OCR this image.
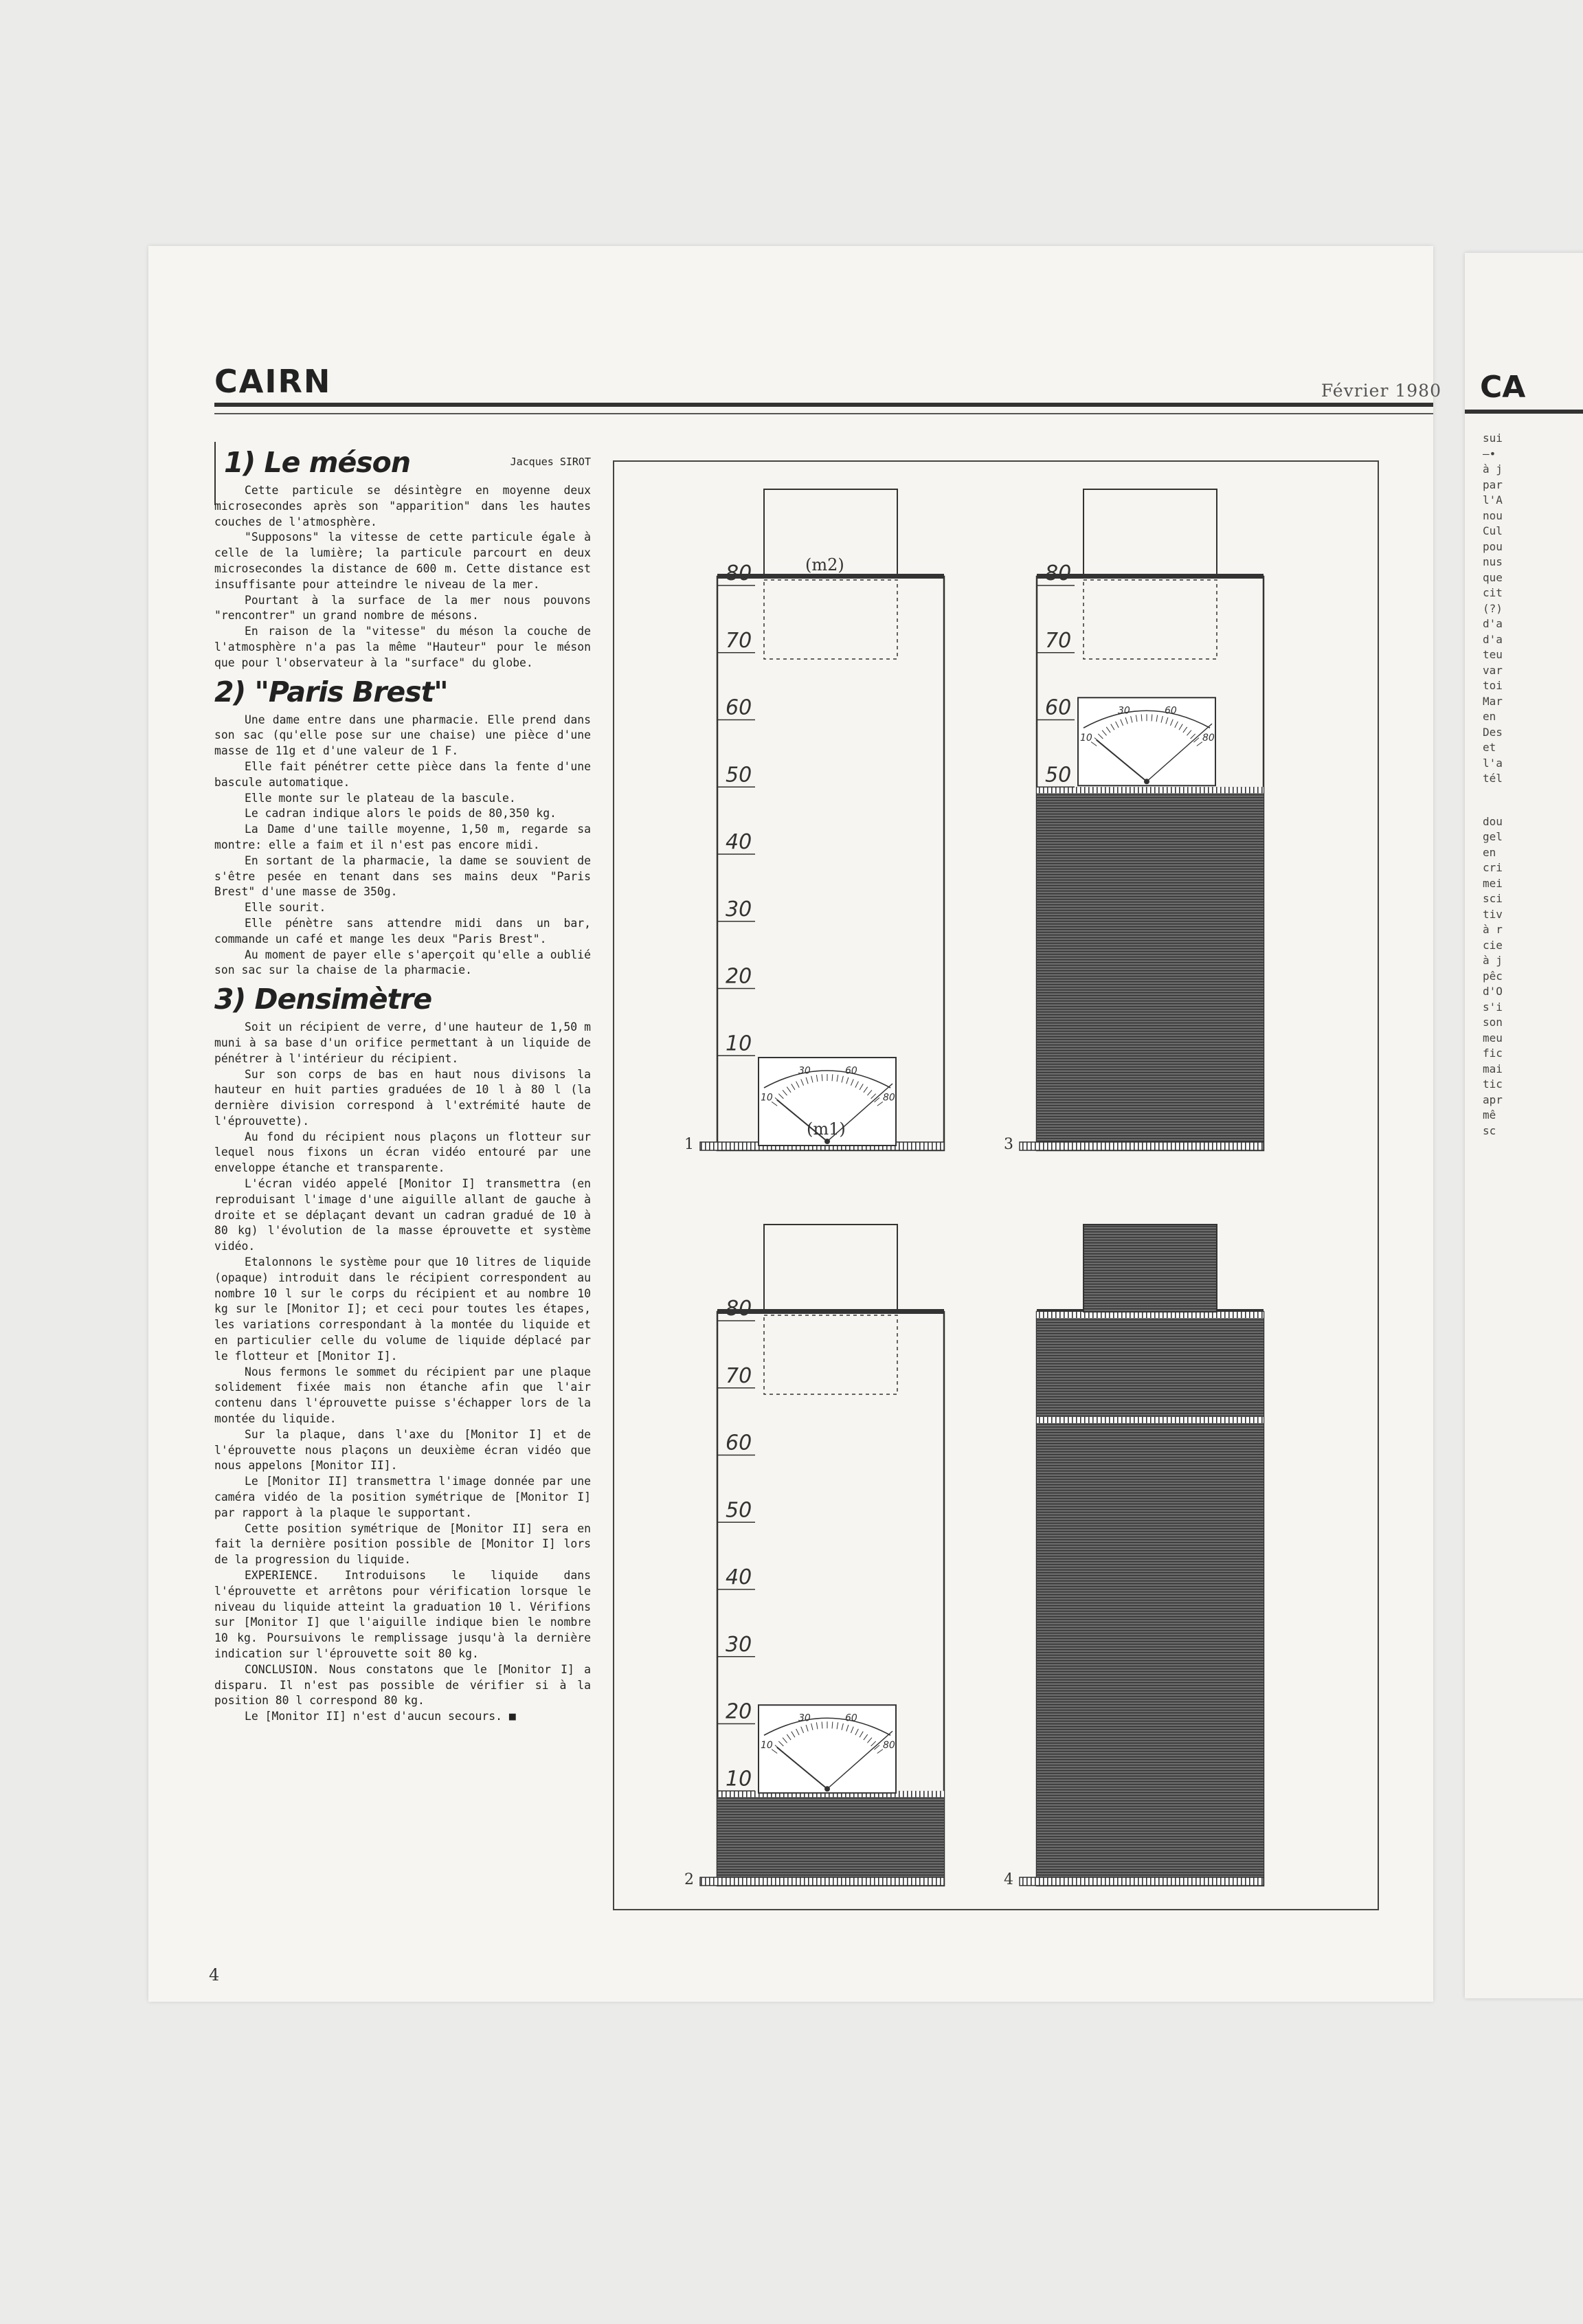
CAIRN	Février 1980
1) Le méson	Jacques SIROT

Cette particule se désintègre en moyenne deux microsecondes après son "apparition" dans les hautes couches de l'atmosphère.

"Supposons" la vitesse de cette particule égale à celle de la lumière; la particule parcourt en deux microsecondes la distance de 600 m. Cette distance est insuffisante pour atteindre le niveau de la mer.

Pourtant à la surface de la mer nous pouvons "rencontrer" un grand nombre de mésons.

En raison de la "vitesse" du méson la couche de l'atmosphère n'a pas la même "Hauteur" pour le méson que pour l'observateur à la "surface" du globe.

2) "Paris Brest"

Une dame entre dans une pharmacie. Elle prend dans son sac (qu'elle pose sur une chaise) une pièce d'une masse de 11g et d'une valeur de 1 F.

Elle fait pénétrer cette pièce dans la fente d'une bascule automatique.

Elle monte sur le plateau de la bascule.

Le cadran indique alors le poids de 80,350 kg.

La Dame d'une taille moyenne, 1,50 m, regarde sa montre: elle a faim et il n'est pas encore midi.

En sortant de la pharmacie, la dame se souvient de s'être pesée en tenant dans ses mains deux "Paris Brest" d'une masse de 350g.

Elle sourit.

Elle pénètre sans attendre midi dans un bar, commande un café et mange les deux "Paris Brest".

Au moment de payer elle s'aperçoit qu'elle a oublié son sac sur la chaise de la pharmacie.

3) Densimètre

Soit un récipient de verre, d'une hauteur de 1,50 m muni à sa base d'un orifice permettant à un liquide de pénétrer à l'intérieur du récipient.

Sur son corps de bas en haut nous divisons la hauteur en huit parties graduées de 10 l à 80 l (la dernière division correspond à l'extrémité haute de l'éprouvette).

Au fond du récipient nous plaçons un flotteur sur lequel nous fixons un écran vidéo entouré par une enveloppe étanche et transparente.

L'écran vidéo appelé [Monitor I] transmettra (en reproduisant l'image d'une aiguille allant de gauche à droite et se déplaçant devant un cadran gradué de 10 à 80 kg) l'évolution de la masse éprouvette et système vidéo.

Etalonnons le système pour que 10 litres de liquide (opaque) introduit dans le récipient correspondent au nombre 10 l sur le corps du récipient et au nombre 10 kg sur le [Monitor I]; et ceci pour toutes les étapes, les variations correspondant à la montée du liquide et en particulier celle du volume de liquide déplacé par le flotteur et [Monitor I].

Nous fermons le sommet du récipient par une plaque solidement fixée mais non étanche afin que l'air contenu dans l'éprouvette puisse s'échapper lors de la montée du liquide.

Sur la plaque, dans l'axe du [Monitor I] et de l'éprouvette nous plaçons un deuxième écran vidéo que nous appelons [Monitor II].

Le [Monitor II] transmettra l'image donnée par une caméra vidéo de la position symétrique de [Monitor I] par rapport à la plaque le supportant.

Cette position symétrique de [Monitor II] sera en fait la dernière position possible de [Monitor I] lors de la progression du liquide.

EXPERIENCE. Introduisons le liquide dans l'éprouvette et arrêtons pour vérification lorsque le niveau du liquide atteint la graduation 10 l. Vérifions sur [Monitor I] que l'aiguille indique bien le nombre 10 kg. Poursuivons le remplissage jusqu'à la dernière indication sur l'éprouvette soit 80 kg.

CONCLUSION. Nous constatons que le [Monitor I] a disparu. Il n'est pas possible de vérifier si à la position 80 l correspond 80 kg.

Le [Monitor II] n'est d'aucun secours. ■

80
70
60
50
40
30
20
10
(m2)
10
30	60
80
(m1)
1
80
70
60
50
10
30	60
80
3
80
70
60
50
40
30
20
10
10
30	60
80
2	4
4
CA
sui
—•
à j
par
l'A
nou
Cul
pou
nus
que
cit
(?)
d'a
d'a
teu
var
toi
Mar
en
Des
et
l'a
tél
dou
gel
en
cri
mei
sci
tiv
à r
cie
à j
pêc
d'O
s'i
son
meu
fic
mai
tic
apr
mê
sc
